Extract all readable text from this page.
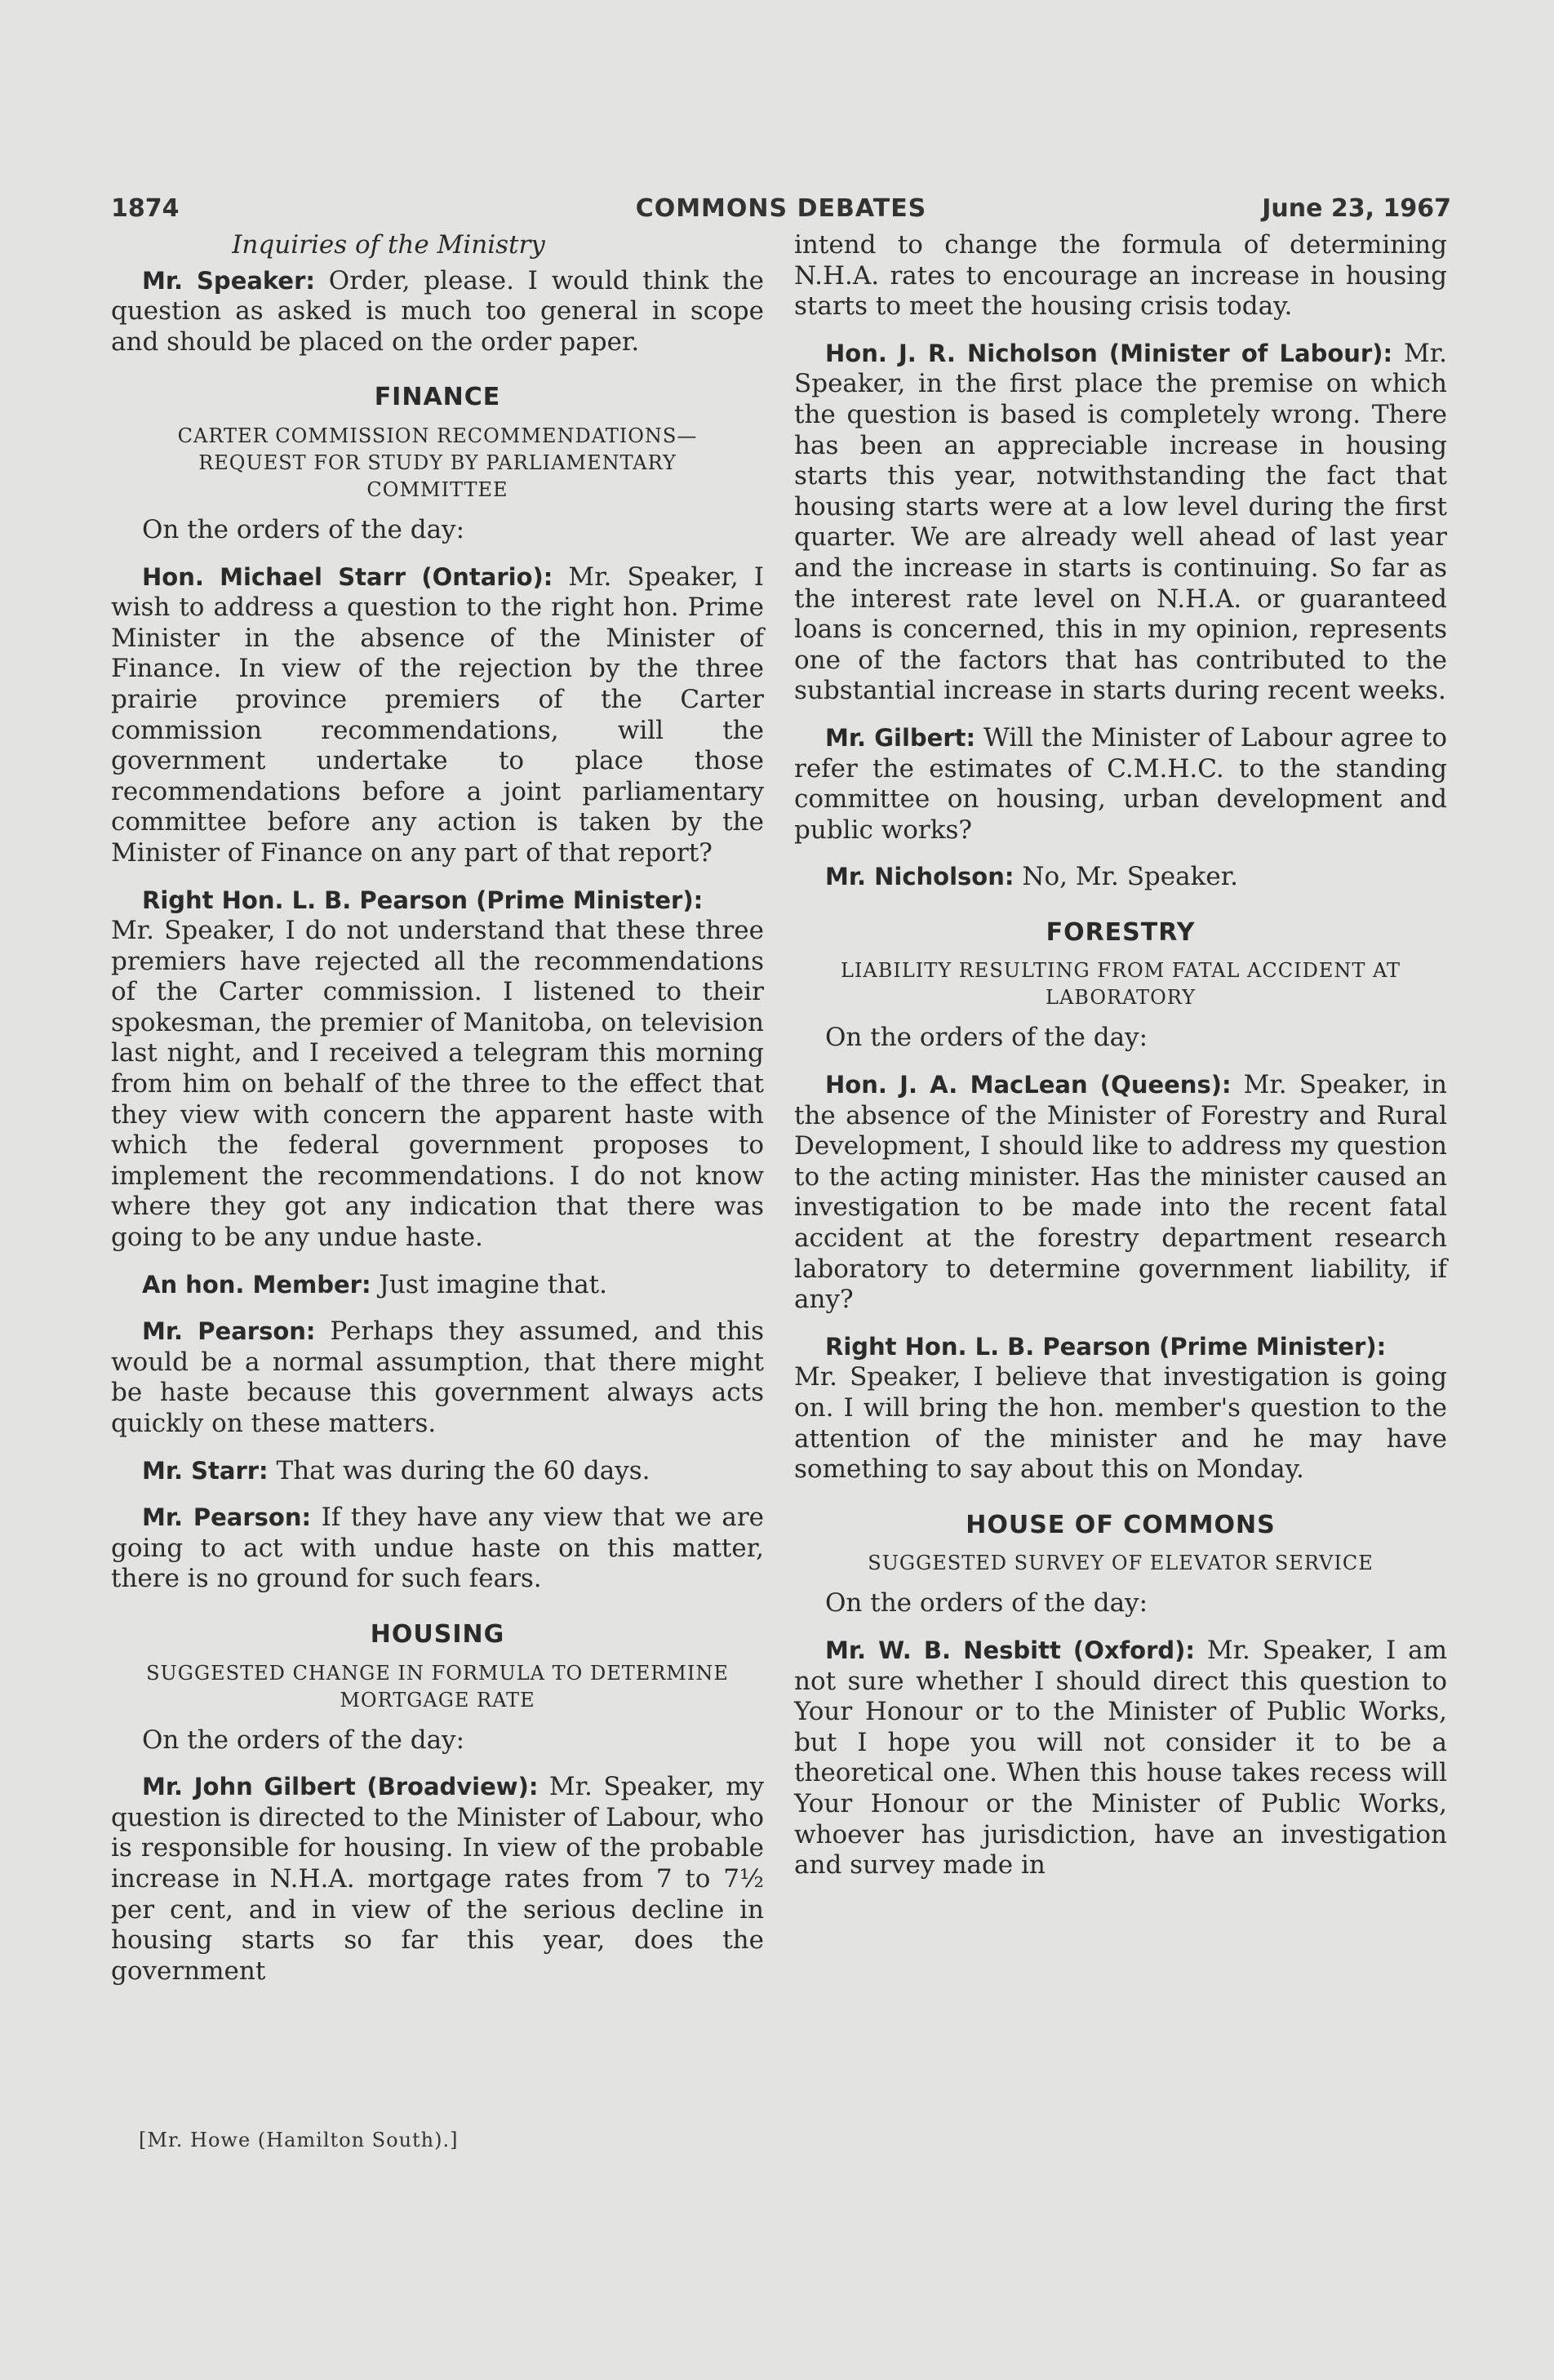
1874	COMMONS DEBATES	June 23, 1967
Inquiries of the Ministry

Mr. Speaker: Order, please. I would think the question as asked is much too general in scope and should be placed on the order paper.

FINANCE
CARTER COMMISSION RECOMMENDATIONS— REQUEST FOR STUDY BY PARLIAMENTARY COMMITTEE

On the orders of the day:

Hon. Michael Starr (Ontario): Mr. Speaker, I wish to address a question to the right hon. Prime Minister in the absence of the Minister of Finance. In view of the rejection by the three prairie province premiers of the Carter commission recommendations, will the government undertake to place those recommendations before a joint parliamentary committee before any action is taken by the Minister of Finance on any part of that report?

Right Hon. L. B. Pearson (Prime Minister):
Mr. Speaker, I do not understand that these three premiers have rejected all the recommendations of the Carter commission. I listened to their spokesman, the premier of Manitoba, on television last night, and I received a telegram this morning from him on behalf of the three to the effect that they view with concern the apparent haste with which the federal government proposes to implement the recommendations. I do not know where they got any indication that there was going to be any undue haste.

An hon. Member: Just imagine that.

Mr. Pearson: Perhaps they assumed, and this would be a normal assumption, that there might be haste because this government always acts quickly on these matters.

Mr. Starr: That was during the 60 days.

Mr. Pearson: If they have any view that we are going to act with undue haste on this matter, there is no ground for such fears.

HOUSING
SUGGESTED CHANGE IN FORMULA TO DETERMINE MORTGAGE RATE

On the orders of the day:

Mr. John Gilbert (Broadview): Mr. Speaker, my question is directed to the Minister of Labour, who is responsible for housing. In view of the probable increase in N.H.A. mortgage rates from 7 to 7½ per cent, and in view of the serious decline in housing starts so far this year, does the government

[Mr. Howe (Hamilton South).]

intend to change the formula of determining N.H.A. rates to encourage an increase in housing starts to meet the housing crisis today.

Hon. J. R. Nicholson (Minister of Labour): Mr. Speaker, in the first place the premise on which the question is based is completely wrong. There has been an appreciable increase in housing starts this year, notwithstanding the fact that housing starts were at a low level during the first quarter. We are already well ahead of last year and the increase in starts is continuing. So far as the interest rate level on N.H.A. or guaranteed loans is concerned, this in my opinion, represents one of the factors that has contributed to the substantial increase in starts during recent weeks.

Mr. Gilbert: Will the Minister of Labour agree to refer the estimates of C.M.H.C. to the standing committee on housing, urban development and public works?

Mr. Nicholson: No, Mr. Speaker.

FORESTRY
LIABILITY RESULTING FROM FATAL ACCIDENT AT LABORATORY

On the orders of the day:

Hon. J. A. MacLean (Queens): Mr. Speaker, in the absence of the Minister of Forestry and Rural Development, I should like to address my question to the acting minister. Has the minister caused an investigation to be made into the recent fatal accident at the forestry department research laboratory to determine government liability, if any?

Right Hon. L. B. Pearson (Prime Minister):
Mr. Speaker, I believe that investigation is going on. I will bring the hon. member's question to the attention of the minister and he may have something to say about this on Monday.

HOUSE OF COMMONS
SUGGESTED SURVEY OF ELEVATOR SERVICE

On the orders of the day:

Mr. W. B. Nesbitt (Oxford): Mr. Speaker, I am not sure whether I should direct this question to Your Honour or to the Minister of Public Works, but I hope you will not consider it to be a theoretical one. When this house takes recess will Your Honour or the Minister of Public Works, whoever has jurisdiction, have an investigation and survey made in
